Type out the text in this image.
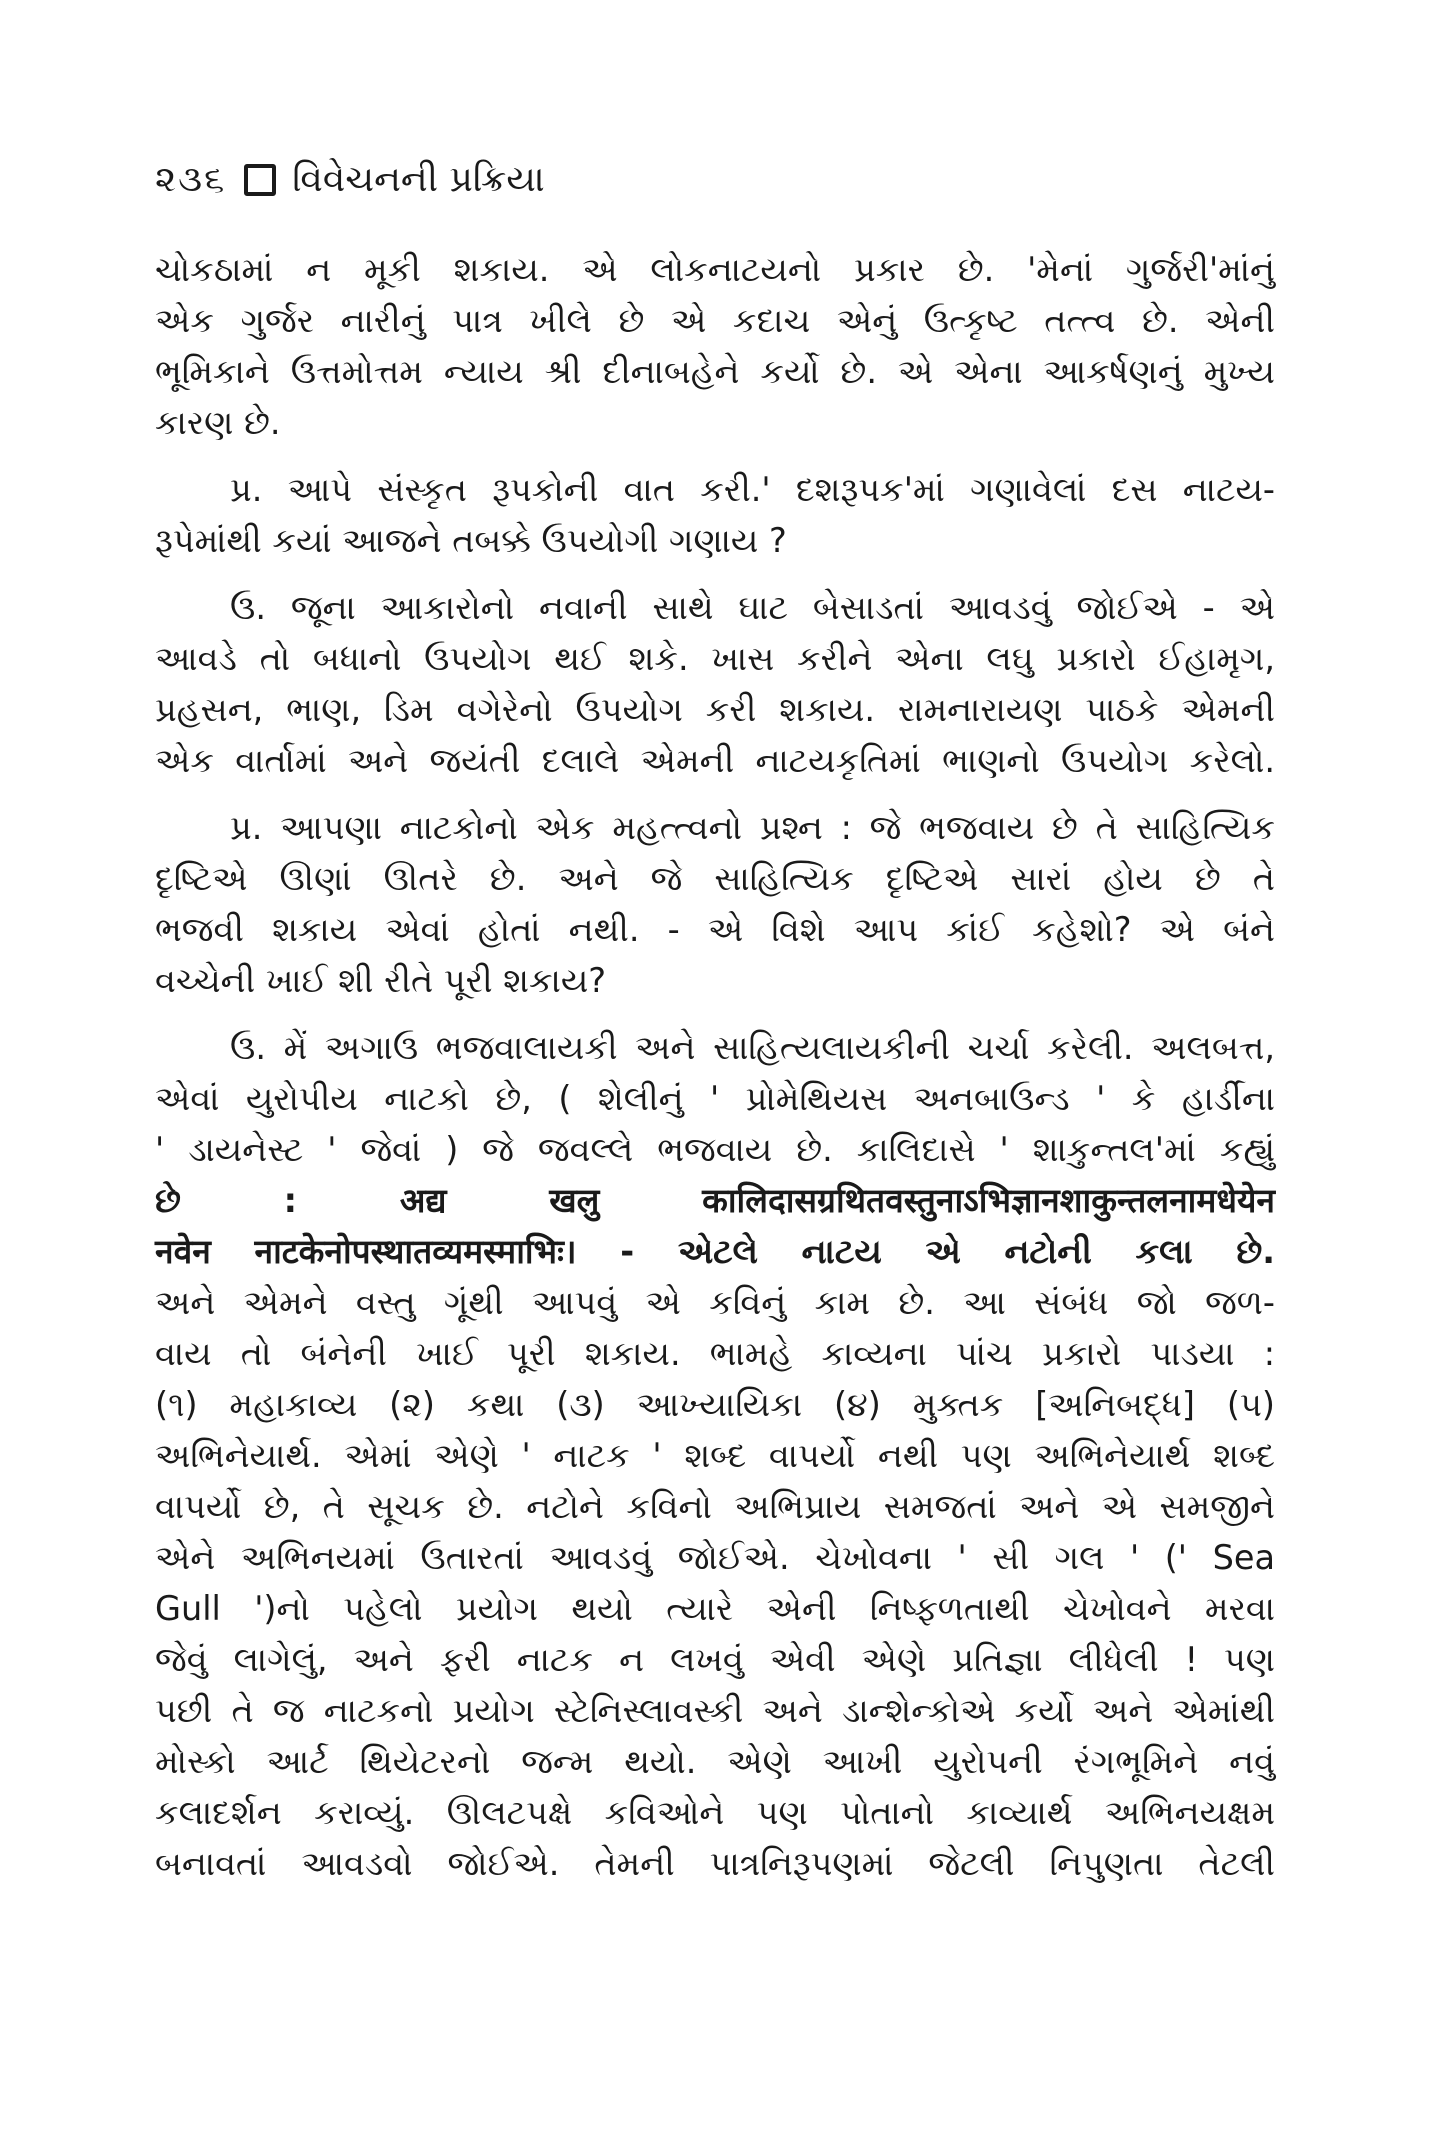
૨૩૬ વિવેચનની પ્રક્રિયા
ચોકઠામાં ન મૂકી શકાય. એ લોકનાટયનો પ્રકાર છે. 'મેનાં ગુર્જરી'માંનું
એક ગુર્જર નારીનું પાત્ર ખીલે છે એ કદાચ એનું ઉત્કૃષ્ટ તત્ત્વ છે. એની
ભૂમિકાને ઉત્તમોત્તમ ન્યાય શ્રી દીનાબહેને કર્યો છે. એ એના આકર્ષણનું મુખ્ય
કારણ છે.
પ્ર. આપે સંસ્કૃત રૂપકોની વાત કરી.' દશરૂપક'માં ગણાવેલાં દસ નાટય-
રૂપેમાંથી કયાં આજને તબક્કે ઉપયોગી ગણાય ?
ઉ. જૂના આકારોનો નવાની સાથે ઘાટ બેસાડતાં આવડવું જોઈએ - એ
આવડે તો બધાનો ઉપયોગ થઈ શકે. ખાસ કરીને એના લઘુ પ્રકારો ઈહામૃગ,
પ્રહસન, ભાણ, ડિમ વગેરેનો ઉપયોગ કરી શકાય. રામનારાયણ પાઠકે એમની
એક વાર્તામાં અને જયંતી દલાલે એમની નાટયકૃતિમાં ભાણનો ઉપયોગ કરેલો.
પ્ર. આપણા નાટકોનો એક મહત્ત્વનો પ્રશ્ન : જે ભજવાય છે તે સાહિત્યિક
દૃષ્ટિએ ઊણાં ઊતરે છે. અને જે સાહિત્યિક દૃષ્ટિએ સારાં હોય છે તે
ભજવી શકાય એવાં હોતાં નથી. - એ વિશે આપ કાંઈ કહેશો? એ બંને
વચ્ચેની ખાઈ શી રીતે પૂરી શકાય?
ઉ. મેં અગાઉ ભજવાલાયકી અને સાહિત્યલાયકીની ચર્ચા કરેલી. અલબત્ત,
એવાં યુરોપીય નાટકો છે, ( શેલીનું ' પ્રોમેથિયસ અનબાઉન્ડ ' કે હાર્ડીના
' ડાયનેસ્ટ ' જેવાં ) જે જવલ્લે ભજવાય છે. કાલિદાસે ' શાકુન્તલ'માં કહ્યું
છે : अद्य खलु कालिदासग्रथितवस्तुनाऽभिज्ञानशाकुन्तलनामधेयेन
नवेन नाटकेनोपस्थातव्यमस्माभिः। - એટલે નાટય એ નટોની કલા છે.
અને એમને વસ્તુ ગૂંથી આપવું એ કવિનું કામ છે. આ સંબંધ જો જળ-
વાય તો બંનેની ખાઈ પૂરી શકાય. ભામહે કાવ્યના પાંચ પ્રકારો પાડયા :
(૧) મહાકાવ્ય (૨) કથા (૩) આખ્યાયિકા (૪) મુક્તક [અનિબદ્ધ] (૫)
અભિનેયાર્થ. એમાં એણે ' નાટક ' શબ્દ વાપર્યો નથી પણ અભિનેયાર્થ શબ્દ
વાપર્યો છે, તે સૂચક છે. નટોને કવિનો અભિપ્રાય સમજતાં અને એ સમજીને
એને અભિનયમાં ઉતારતાં આવડવું જોઈએ. ચેખોવના ' સી ગલ ' (' Sea
Gull ')નો પહેલો પ્રયોગ થયો ત્યારે એની નિષ્ફળતાથી ચેખોવને મરવા
જેવું લાગેલું, અને ફરી નાટક ન લખવું એવી એણે પ્રતિજ્ઞા લીધેલી ! પણ
પછી તે જ નાટકનો પ્રયોગ સ્ટેનિસ્લાવસ્કી અને ડાન્શેન્કોએ કર્યો અને એમાંથી
મોસ્કો આર્ટ થિયેટરનો જન્મ થયો. એણે આખી યુરોપની રંગભૂમિને નવું
કલાદર્શન કરાવ્યું. ઊલટપક્ષે કવિઓને પણ પોતાનો કાવ્યાર્થ અભિનયક્ષમ
બનાવતાં આવડવો જોઈએ. તેમની પાત્રનિરૂપણમાં જેટલી નિપુણતા તેટલી
